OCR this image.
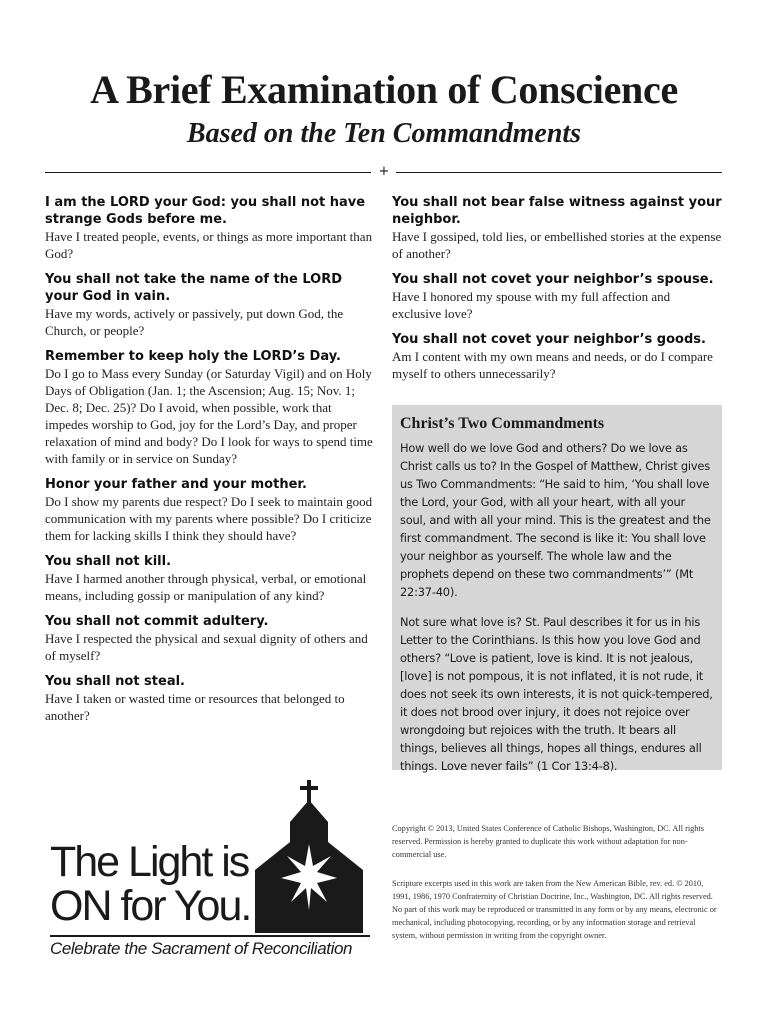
A Brief Examination of Conscience
Based on the Ten Commandments
+
I am the LORD your God: you shall not have strange Gods before me.

Have I treated people, events, or things as more important than God?

You shall not take the name of the LORD your God in vain.

Have my words, actively or passively, put down God, the Church, or people?

Remember to keep holy the LORD’s Day.

Do I go to Mass every Sunday (or Saturday Vigil) and on Holy Days of Obligation (Jan. 1; the Ascension; Aug. 15; Nov. 1; Dec. 8; Dec. 25)? Do I avoid, when possible, work that impedes worship to God, joy for the Lord’s Day, and proper relaxation of mind and body? Do I look for ways to spend time with family or in service on Sunday?

Honor your father and your mother.

Do I show my parents due respect? Do I seek to maintain good communication with my parents where possible? Do I criticize them for lacking skills I think they should have?

You shall not kill.

Have I harmed another through physical, verbal, or emotional means, including gossip or manipulation of any kind?

You shall not commit adultery.

Have I respected the physical and sexual dignity of others and of myself?

You shall not steal.

Have I taken or wasted time or resources that belonged to another?

You shall not bear false witness against your neighbor.

Have I gossiped, told lies, or embellished stories at the expense of another?

You shall not covet your neighbor’s spouse.

Have I honored my spouse with my full affection and exclusive love?

You shall not covet your neighbor’s goods.

Am I content with my own means and needs, or do I compare myself to others unnecessarily?

Christ’s Two Commandments

How well do we love God and others? Do we love as Christ calls us to? In the Gospel of Matthew, Christ gives us Two Commandments: “He said to him, ‘You shall love the Lord, your God, with all your heart, with all your soul, and with all your mind. This is the greatest and the first commandment. The second is like it: You shall love your neighbor as yourself. The whole law and the prophets depend on these two commandments’” (Mt 22:37-40).

Not sure what love is? St. Paul describes it for us in his Letter to the Corinthians. Is this how you love God and others? “Love is patient, love is kind. It is not jealous, [love] is not pompous, it is not inflated, it is not rude, it does not seek its own interests, it is not quick-tempered, it does not brood over injury, it does not rejoice over wrongdoing but rejoices with the truth. It bears all things, believes all things, hopes all things, endures all things. Love never fails” (1 Cor 13:4-8).

The Light is
ON for You.
Celebrate the Sacrament of Reconciliation

Copyright © 2013, United States Conference of Catholic Bishops, Washington, DC. All rights reserved. Permission is hereby granted to duplicate this work without adaptation for non-commercial use.

Scripture excerpts used in this work are taken from the New American Bible, rev. ed. © 2010, 1991, 1986, 1970 Confraternity of Christian Doctrine, Inc., Washington, DC. All rights reserved. No part of this work may be reproduced or transmitted in any form or by any means, electronic or mechanical, including photocopying, recording, or by any information storage and retrieval system, without permission in writing from the copyright owner.
